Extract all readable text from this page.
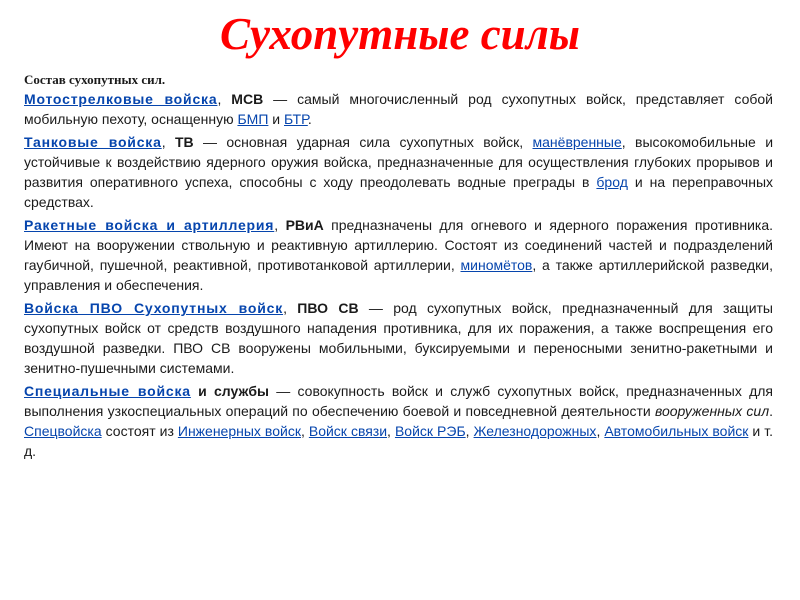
Сухопутные силы

Состав сухопутных сил.

Мотострелковые войска, МСВ — самый многочисленный род сухопутных войск, представляет собой мобильную пехоту, оснащенную БМП и БТР.

Танковые войска, ТВ — основная ударная сила сухопутных войск, манёвренные, высокомобильные и устойчивые к воздействию ядерного оружия войска, предназначенные для осуществления глубоких прорывов и развития оперативного успеха, способны с ходу преодолевать водные преграды в брод и на переправочных средствах.

Ракетные войска и артиллерия, РВиА предназначены для огневого и ядерного поражения противника. Имеют на вооружении ствольную и реактивную артиллерию. Состоят из соединений частей и подразделений гаубичной, пушечной, реактивной, противотанковой артиллерии, миномётов, а также артиллерийской разведки, управления и обеспечения.

Войска ПВО Сухопутных войск, ПВО СВ — род сухопутных войск, предназначенный для защиты сухопутных войск от средств воздушного нападения противника, для их поражения, а также воспрещения его воздушной разведки. ПВО СВ вооружены мобильными, буксируемыми и переносными зенитно-ракетными и зенитно-пушечными системами.

Специальные войска и службы — совокупность войск и служб сухопутных войск, предназначенных для выполнения узкоспециальных операций по обеспечению боевой и повседневной деятельности вооруженных сил. Спецвойска состоят из Инженерных войск, Войск связи, Войск РЭБ, Железнодорожных, Автомобильных войск и т. д.
